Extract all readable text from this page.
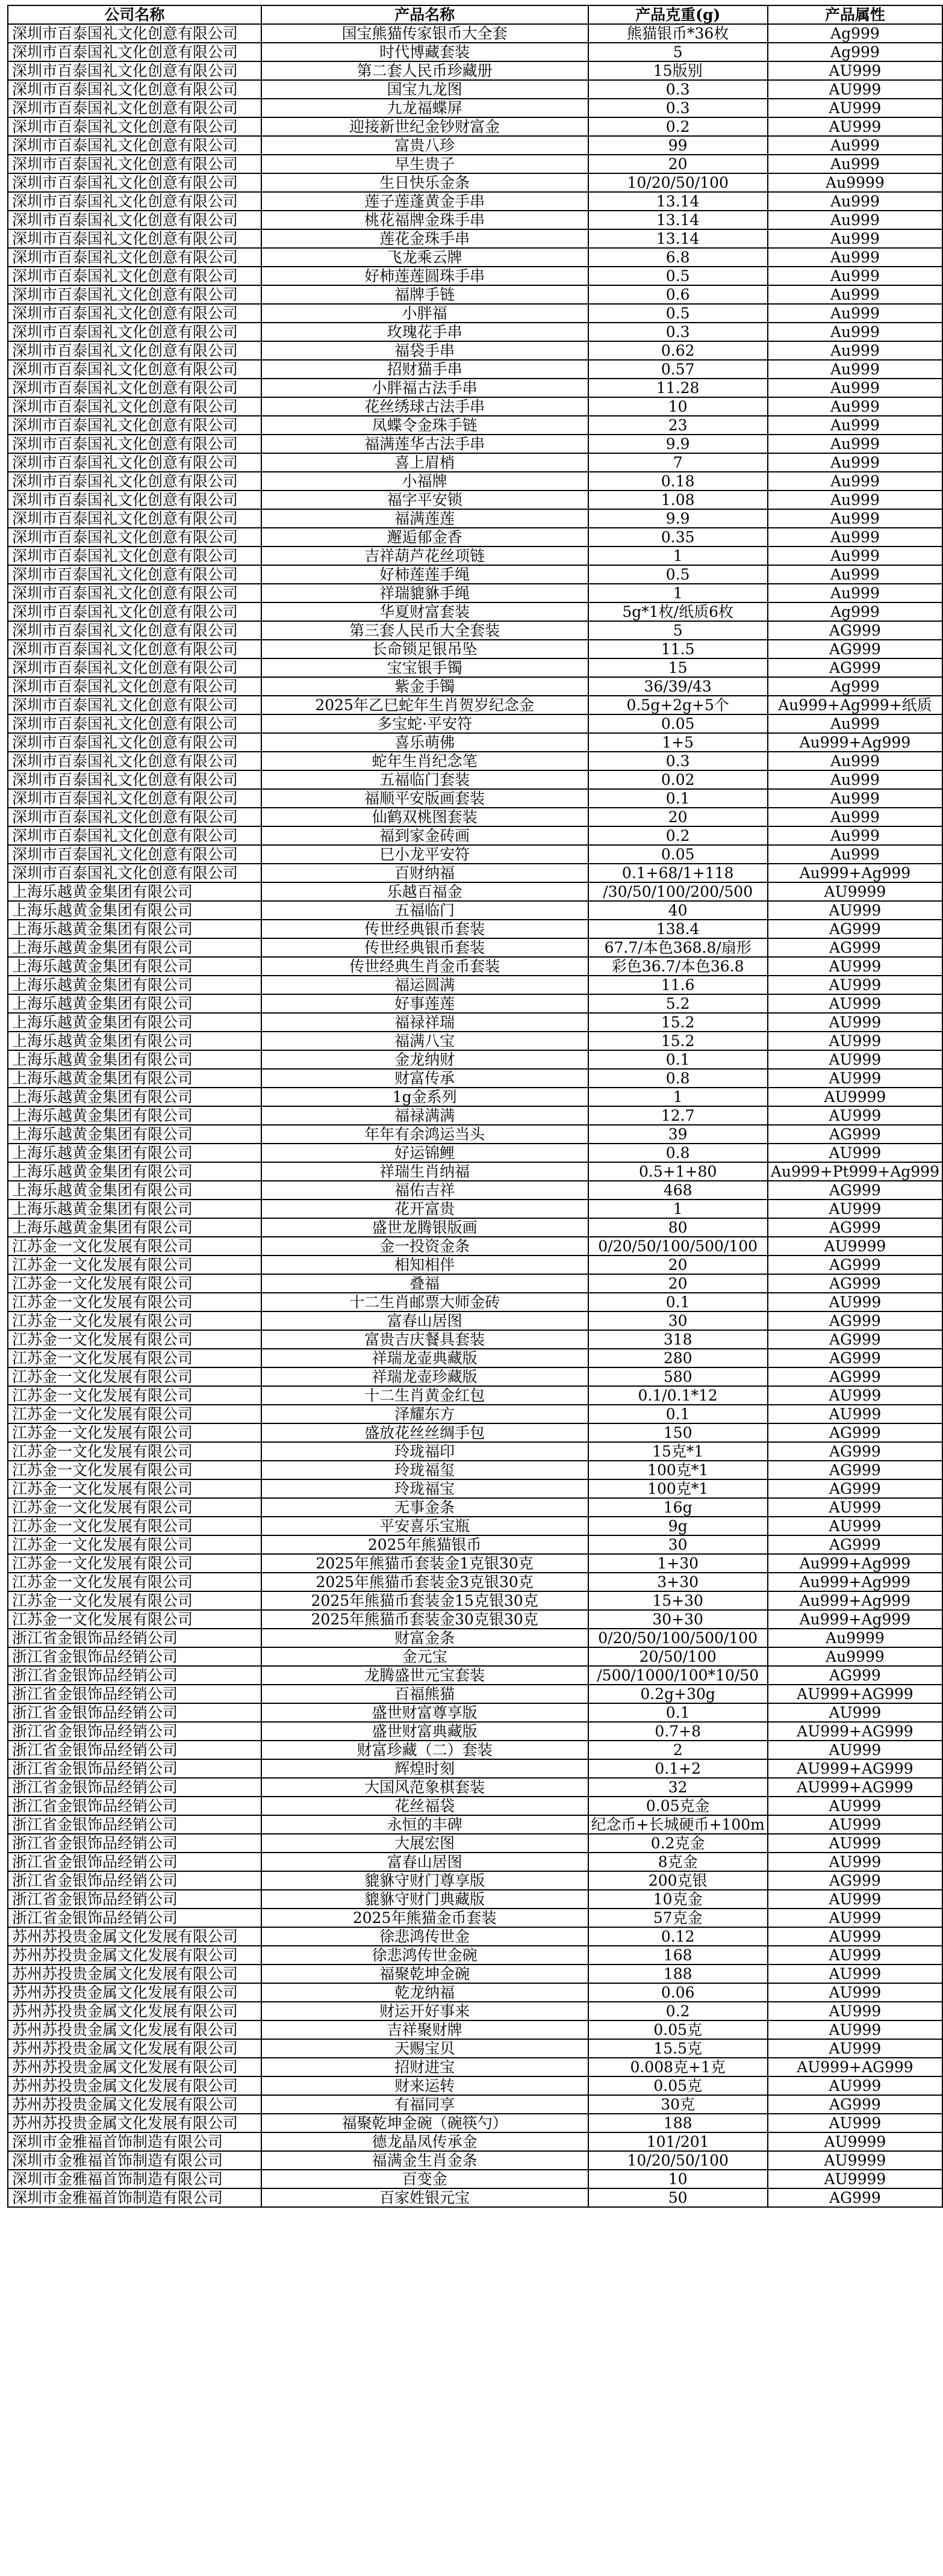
公司名称	产品名称	产品克重(g)	产品属性
深圳市百泰国礼文化创意有限公司	国宝熊猫传家银币大全套	熊猫银币*36枚	Ag999
深圳市百泰国礼文化创意有限公司	时代博藏套装	5	Ag999
深圳市百泰国礼文化创意有限公司	第二套人民币珍藏册	15版别	AU999
深圳市百泰国礼文化创意有限公司	国宝九龙图	0.3	AU999
深圳市百泰国礼文化创意有限公司	九龙福蝶屏	0.3	AU999
深圳市百泰国礼文化创意有限公司	迎接新世纪金钞财富金	0.2	AU999
深圳市百泰国礼文化创意有限公司	富贵八珍	99	Au999
深圳市百泰国礼文化创意有限公司	早生贵子	20	Au999
深圳市百泰国礼文化创意有限公司	生日快乐金条	10/20/50/100	Au9999
深圳市百泰国礼文化创意有限公司	莲子莲蓬黄金手串	13.14	Au999
深圳市百泰国礼文化创意有限公司	桃花福牌金珠手串	13.14	Au999
深圳市百泰国礼文化创意有限公司	莲花金珠手串	13.14	Au999
深圳市百泰国礼文化创意有限公司	飞龙乘云牌	6.8	Au999
深圳市百泰国礼文化创意有限公司	好柿莲莲圆珠手串	0.5	Au999
深圳市百泰国礼文化创意有限公司	福牌手链	0.6	Au999
深圳市百泰国礼文化创意有限公司	小胖福	0.5	Au999
深圳市百泰国礼文化创意有限公司	玫瑰花手串	0.3	Au999
深圳市百泰国礼文化创意有限公司	福袋手串	0.62	Au999
深圳市百泰国礼文化创意有限公司	招财猫手串	0.57	Au999
深圳市百泰国礼文化创意有限公司	小胖福古法手串	11.28	Au999
深圳市百泰国礼文化创意有限公司	花丝绣球古法手串	10	Au999
深圳市百泰国礼文化创意有限公司	凤蝶令金珠手链	23	Au999
深圳市百泰国礼文化创意有限公司	福满莲华古法手串	9.9	Au999
深圳市百泰国礼文化创意有限公司	喜上眉梢	7	Au999
深圳市百泰国礼文化创意有限公司	小福牌	0.18	Au999
深圳市百泰国礼文化创意有限公司	福字平安锁	1.08	Au999
深圳市百泰国礼文化创意有限公司	福满莲莲	9.9	Au999
深圳市百泰国礼文化创意有限公司	邂逅郁金香	0.35	Au999
深圳市百泰国礼文化创意有限公司	吉祥葫芦花丝项链	1	Au999
深圳市百泰国礼文化创意有限公司	好柿莲莲手绳	0.5	Au999
深圳市百泰国礼文化创意有限公司	祥瑞貔貅手绳	1	Au999
深圳市百泰国礼文化创意有限公司	华夏财富套装	5g*1枚/纸质6枚	Ag999
深圳市百泰国礼文化创意有限公司	第三套人民币大全套装	5	AG999
深圳市百泰国礼文化创意有限公司	长命锁足银吊坠	11.5	AG999
深圳市百泰国礼文化创意有限公司	宝宝银手镯	15	AG999
深圳市百泰国礼文化创意有限公司	紫金手镯	36/39/43	Ag999
深圳市百泰国礼文化创意有限公司	2025年乙巳蛇年生肖贺岁纪念金	0.5g+2g+5个	Au999+Ag999+纸质
深圳市百泰国礼文化创意有限公司	多宝蛇·平安符	0.05	Au999
深圳市百泰国礼文化创意有限公司	喜乐萌佛	1+5	Au999+Ag999
深圳市百泰国礼文化创意有限公司	蛇年生肖纪念笔	0.3	Au999
深圳市百泰国礼文化创意有限公司	五福临门套装	0.02	Au999
深圳市百泰国礼文化创意有限公司	福顺平安版画套装	0.1	Au999
深圳市百泰国礼文化创意有限公司	仙鹤双桃图套装	20	Au999
深圳市百泰国礼文化创意有限公司	福到家金砖画	0.2	Au999
深圳市百泰国礼文化创意有限公司	巳小龙平安符	0.05	Au999
深圳市百泰国礼文化创意有限公司	百财纳福	0.1+68/1+118	Au999+Ag999
上海乐越黄金集团有限公司	乐越百福金	/30/50/100/200/500	AU9999
上海乐越黄金集团有限公司	五福临门	40	AU999
上海乐越黄金集团有限公司	传世经典银币套装	138.4	AG999
上海乐越黄金集团有限公司	传世经典银币套装	67.7/本色368.8/扇形	AG999
上海乐越黄金集团有限公司	传世经典生肖金币套装	彩色36.7/本色36.8	AU999
上海乐越黄金集团有限公司	福运圆满	11.6	AU999
上海乐越黄金集团有限公司	好事莲莲	5.2	AU999
上海乐越黄金集团有限公司	福禄祥瑞	15.2	AU999
上海乐越黄金集团有限公司	福满八宝	15.2	AU999
上海乐越黄金集团有限公司	金龙纳财	0.1	AU999
上海乐越黄金集团有限公司	财富传承	0.8	AU999
上海乐越黄金集团有限公司	1g金系列	1	AU9999
上海乐越黄金集团有限公司	福禄满满	12.7	AU999
上海乐越黄金集团有限公司	年年有余鸿运当头	39	AG999
上海乐越黄金集团有限公司	好运锦鲤	0.8	AU999
上海乐越黄金集团有限公司	祥瑞生肖纳福	0.5+1+80	Au999+Pt999+Ag999
上海乐越黄金集团有限公司	福佑吉祥	468	AG999
上海乐越黄金集团有限公司	花开富贵	1	AU999
上海乐越黄金集团有限公司	盛世龙腾银版画	80	AG999
江苏金一文化发展有限公司	金一投资金条	0/20/50/100/500/100	AU9999
江苏金一文化发展有限公司	相知相伴	20	AG999
江苏金一文化发展有限公司	叠福	20	AG999
江苏金一文化发展有限公司	十二生肖邮票大师金砖	0.1	AU999
江苏金一文化发展有限公司	富春山居图	30	AG999
江苏金一文化发展有限公司	富贵吉庆餐具套装	318	AG999
江苏金一文化发展有限公司	祥瑞龙壶典藏版	280	AG999
江苏金一文化发展有限公司	祥瑞龙壶珍藏版	580	AG999
江苏金一文化发展有限公司	十二生肖黄金红包	0.1/0.1*12	AU999
江苏金一文化发展有限公司	泽耀东方	0.1	AU999
江苏金一文化发展有限公司	盛放花丝丝绸手包	150	AG999
江苏金一文化发展有限公司	玲珑福印	15克*1	AG999
江苏金一文化发展有限公司	玲珑福玺	100克*1	AG999
江苏金一文化发展有限公司	玲珑福宝	100克*1	AG999
江苏金一文化发展有限公司	无事金条	16g	AU999
江苏金一文化发展有限公司	平安喜乐宝瓶	9g	AU999
江苏金一文化发展有限公司	2025年熊猫银币	30	AG999
江苏金一文化发展有限公司	2025年熊猫币套装金1克银30克	1+30	Au999+Ag999
江苏金一文化发展有限公司	2025年熊猫币套装金3克银30克	3+30	Au999+Ag999
江苏金一文化发展有限公司	2025年熊猫币套装金15克银30克	15+30	Au999+Ag999
江苏金一文化发展有限公司	2025年熊猫币套装金30克银30克	30+30	Au999+Ag999
浙江省金银饰品经销公司	财富金条	0/20/50/100/500/100	Au9999
浙江省金银饰品经销公司	金元宝	20/50/100	Au9999
浙江省金银饰品经销公司	龙腾盛世元宝套装	/500/1000/100*10/50	AG999
浙江省金银饰品经销公司	百福熊猫	0.2g+30g	AU999+AG999
浙江省金银饰品经销公司	盛世财富尊享版	0.1	AU999
浙江省金银饰品经销公司	盛世财富典藏版	0.7+8	AU999+AG999
浙江省金银饰品经销公司	财富珍藏（二）套装	2	AU999
浙江省金银饰品经销公司	辉煌时刻	0.1+2	AU999+AG999
浙江省金银饰品经销公司	大国风范象棋套装	32	AU999+AG999
浙江省金银饰品经销公司	花丝福袋	0.05克金	AU999
浙江省金银饰品经销公司	永恒的丰碑	纪念币+长城硬币+100m	AU999
浙江省金银饰品经销公司	大展宏图	0.2克金	AU999
浙江省金银饰品经销公司	富春山居图	8克金	AU999
浙江省金银饰品经销公司	貔貅守财门尊享版	200克银	AG999
浙江省金银饰品经销公司	貔貅守财门典藏版	10克金	AU999
浙江省金银饰品经销公司	2025年熊猫金币套装	57克金	AU999
苏州苏投贵金属文化发展有限公司	徐悲鸿传世金	0.12	AU999
苏州苏投贵金属文化发展有限公司	徐悲鸿传世金碗	168	AU999
苏州苏投贵金属文化发展有限公司	福聚乾坤金碗	188	AU999
苏州苏投贵金属文化发展有限公司	乾龙纳福	0.06	AU999
苏州苏投贵金属文化发展有限公司	财运开好事来	0.2	AU999
苏州苏投贵金属文化发展有限公司	吉祥聚财牌	0.05克	AU999
苏州苏投贵金属文化发展有限公司	天赐宝贝	15.5克	AU999
苏州苏投贵金属文化发展有限公司	招财进宝	0.008克+1克	AU999+AG999
苏州苏投贵金属文化发展有限公司	财来运转	0.05克	AU999
苏州苏投贵金属文化发展有限公司	有福同享	30克	AG999
苏州苏投贵金属文化发展有限公司	福聚乾坤金碗（碗筷勺）	188	AU999
深圳市金雅福首饰制造有限公司	德龙晶凤传承金	101/201	AU9999
深圳市金雅福首饰制造有限公司	福满金生肖金条	10/20/50/100	AU9999
深圳市金雅福首饰制造有限公司	百变金	10	AU9999
深圳市金雅福首饰制造有限公司	百家姓银元宝	50	AG999
